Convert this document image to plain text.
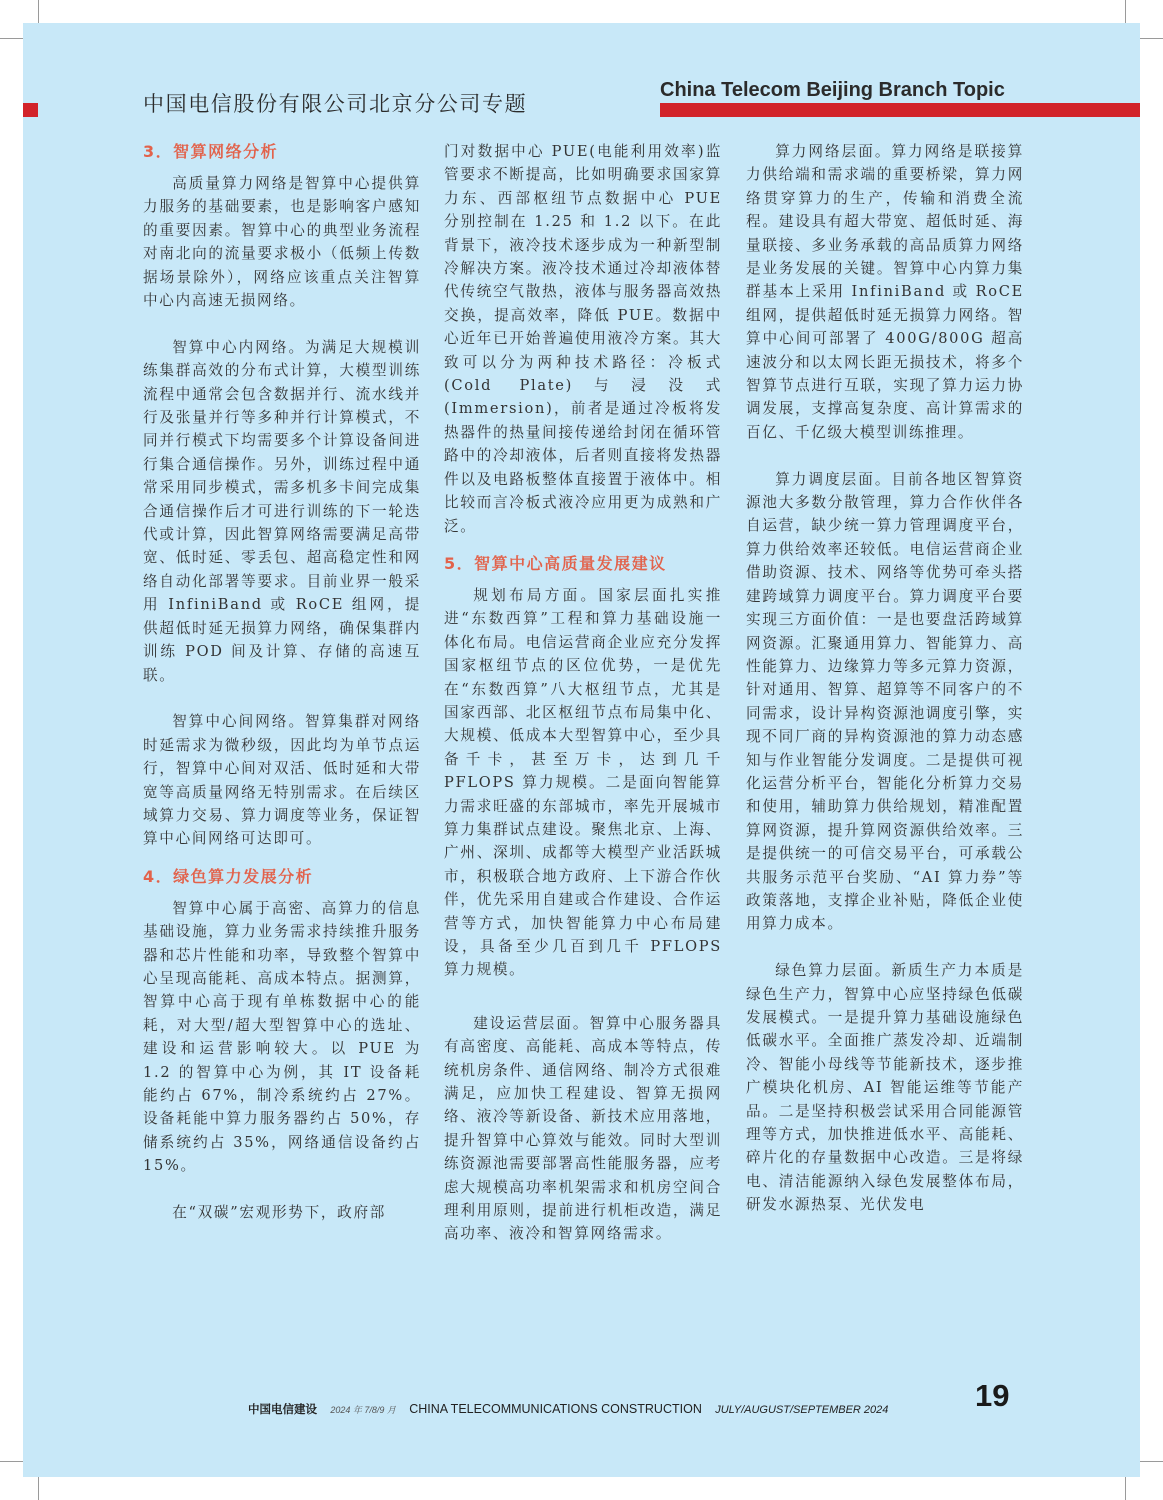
中国电信股份有限公司北京分公司专题
China Telecom Beijing Branch Topic
3．智算网络分析

高质量算力网络是智算中心提供算力服务的基础要素，也是影响客户感知的重要因素。智算中心的典型业务流程对南北向的流量要求极小（低频上传数据场景除外），网络应该重点关注智算中心内高速无损网络。

智算中心内网络。为满足大规模训练集群高效的分布式计算，大模型训练流程中通常会包含数据并行、流水线并行及张量并行等多种并行计算模式，不同并行模式下均需要多个计算设备间进行集合通信操作。另外，训练过程中通常采用同步模式，需多机多卡间完成集合通信操作后才可进行训练的下一轮迭代或计算，因此智算网络需要满足高带宽、低时延、零丢包、超高稳定性和网络自动化部署等要求。目前业界一般采用 InfiniBand 或 RoCE 组网，提供超低时延无损算力网络，确保集群内训练 POD 间及计算、存储的高速互联。

智算中心间网络。智算集群对网络时延需求为微秒级，因此均为单节点运行，智算中心间对双活、低时延和大带宽等高质量网络无特别需求。在后续区域算力交易、算力调度等业务，保证智算中心间网络可达即可。

4．绿色算力发展分析

智算中心属于高密、高算力的信息基础设施，算力业务需求持续推升服务器和芯片性能和功率，导致整个智算中心呈现高能耗、高成本特点。据测算，智算中心高于现有单栋数据中心的能耗，对大型/超大型智算中心的选址、建设和运营影响较大。以 PUE 为 1.2 的智算中心为例，其 IT 设备耗能约占 67%，制冷系统约占 27%。设备耗能中算力服务器约占 50%，存储系统约占 35%，网络通信设备约占 15%。

在“双碳”宏观形势下，政府部

门对数据中心 PUE(电能利用效率)监管要求不断提高，比如明确要求国家算力东、西部枢纽节点数据中心 PUE 分别控制在 1.25 和 1.2 以下。在此背景下，液冷技术逐步成为一种新型制冷解决方案。液冷技术通过冷却液体替代传统空气散热，液体与服务器高效热交换，提高效率，降低 PUE。数据中心近年已开始普遍使用液冷方案。其大致可以分为两种技术路径：冷板式(Cold Plate)与浸没式(Immersion)，前者是通过冷板将发热器件的热量间接传递给封闭在循环管路中的冷却液体，后者则直接将发热器件以及电路板整体直接置于液体中。相比较而言冷板式液冷应用更为成熟和广泛。

5．智算中心高质量发展建议

规划布局方面。国家层面扎实推进“东数西算”工程和算力基础设施一体化布局。电信运营商企业应充分发挥国家枢纽节点的区位优势，一是优先在“东数西算”八大枢纽节点，尤其是国家西部、北区枢纽节点布局集中化、大规模、低成本大型智算中心，至少具备千卡，甚至万卡，达到几千 PFLOPS 算力规模。二是面向智能算力需求旺盛的东部城市，率先开展城市算力集群试点建设。聚焦北京、上海、广州、深圳、成都等大模型产业活跃城市，积极联合地方政府、上下游合作伙伴，优先采用自建或合作建设、合作运营等方式，加快智能算力中心布局建设，具备至少几百到几千 PFLOPS 算力规模。

建设运营层面。智算中心服务器具有高密度、高能耗、高成本等特点，传统机房条件、通信网络、制冷方式很难满足，应加快工程建设、智算无损网络、液冷等新设备、新技术应用落地，提升智算中心算效与能效。同时大型训练资源池需要部署高性能服务器，应考虑大规模高功率机架需求和机房空间合理利用原则，提前进行机柜改造，满足高功率、液冷和智算网络需求。

算力网络层面。算力网络是联接算力供给端和需求端的重要桥梁，算力网络贯穿算力的生产，传输和消费全流程。建设具有超大带宽、超低时延、海量联接、多业务承载的高品质算力网络是业务发展的关键。智算中心内算力集群基本上采用 InfiniBand 或 RoCE 组网，提供超低时延无损算力网络。智算中心间可部署了 400G/800G 超高速波分和以太网长距无损技术，将多个智算节点进行互联，实现了算力运力协调发展，支撑高复杂度、高计算需求的百亿、千亿级大模型训练推理。

算力调度层面。目前各地区智算资源池大多数分散管理，算力合作伙伴各自运营，缺少统一算力管理调度平台，算力供给效率还较低。电信运营商企业借助资源、技术、网络等优势可牵头搭建跨域算力调度平台。算力调度平台要实现三方面价值：一是也要盘活跨域算网资源。汇聚通用算力、智能算力、高性能算力、边缘算力等多元算力资源，针对通用、智算、超算等不同客户的不同需求，设计异构资源池调度引擎，实现不同厂商的异构资源池的算力动态感知与作业智能分发调度。二是提供可视化运营分析平台，智能化分析算力交易和使用，辅助算力供给规划，精准配置算网资源，提升算网资源供给效率。三是提供统一的可信交易平台，可承载公共服务示范平台奖励、“AI 算力券”等政策落地，支撑企业补贴，降低企业使用算力成本。

绿色算力层面。新质生产力本质是绿色生产力，智算中心应坚持绿色低碳发展模式。一是提升算力基础设施绿色低碳水平。全面推广蒸发冷却、近端制冷、智能小母线等节能新技术，逐步推广模块化机房、AI 智能运维等节能产品。二是坚持积极尝试采用合同能源管理等方式，加快推进低水平、高能耗、碎片化的存量数据中心改造。三是将绿电、清洁能源纳入绿色发展整体布局，研发水源热泵、光伏发电

中国电信建设 2024 年 7/8/9 月 CHINA TELECOMMUNICATIONS CONSTRUCTION JULY/AUGUST/SEPTEMBER 2024	19
